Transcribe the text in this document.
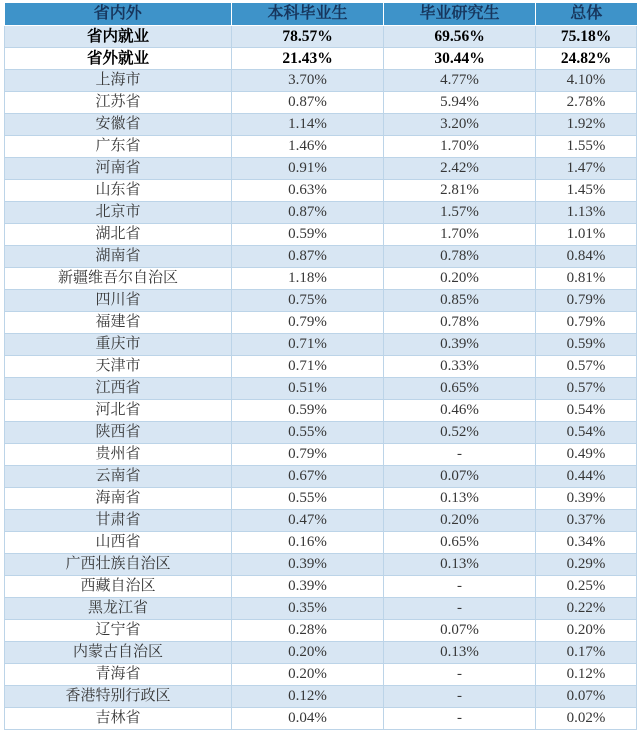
省内外	本科毕业生	毕业研究生	总体
省内就业	78.57%	69.56%	75.18%
省外就业	21.43%	30.44%	24.82%
上海市	3.70%	4.77%	4.10%
江苏省	0.87%	5.94%	2.78%
安徽省	1.14%	3.20%	1.92%
广东省	1.46%	1.70%	1.55%
河南省	0.91%	2.42%	1.47%
山东省	0.63%	2.81%	1.45%
北京市	0.87%	1.57%	1.13%
湖北省	0.59%	1.70%	1.01%
湖南省	0.87%	0.78%	0.84%
新疆维吾尔自治区	1.18%	0.20%	0.81%
四川省	0.75%	0.85%	0.79%
福建省	0.79%	0.78%	0.79%
重庆市	0.71%	0.39%	0.59%
天津市	0.71%	0.33%	0.57%
江西省	0.51%	0.65%	0.57%
河北省	0.59%	0.46%	0.54%
陕西省	0.55%	0.52%	0.54%
贵州省	0.79%	-	0.49%
云南省	0.67%	0.07%	0.44%
海南省	0.55%	0.13%	0.39%
甘肃省	0.47%	0.20%	0.37%
山西省	0.16%	0.65%	0.34%
广西壮族自治区	0.39%	0.13%	0.29%
西藏自治区	0.39%	-	0.25%
黑龙江省	0.35%	-	0.22%
辽宁省	0.28%	0.07%	0.20%
内蒙古自治区	0.20%	0.13%	0.17%
青海省	0.20%	-	0.12%
香港特别行政区	0.12%	-	0.07%
吉林省	0.04%	-	0.02%
